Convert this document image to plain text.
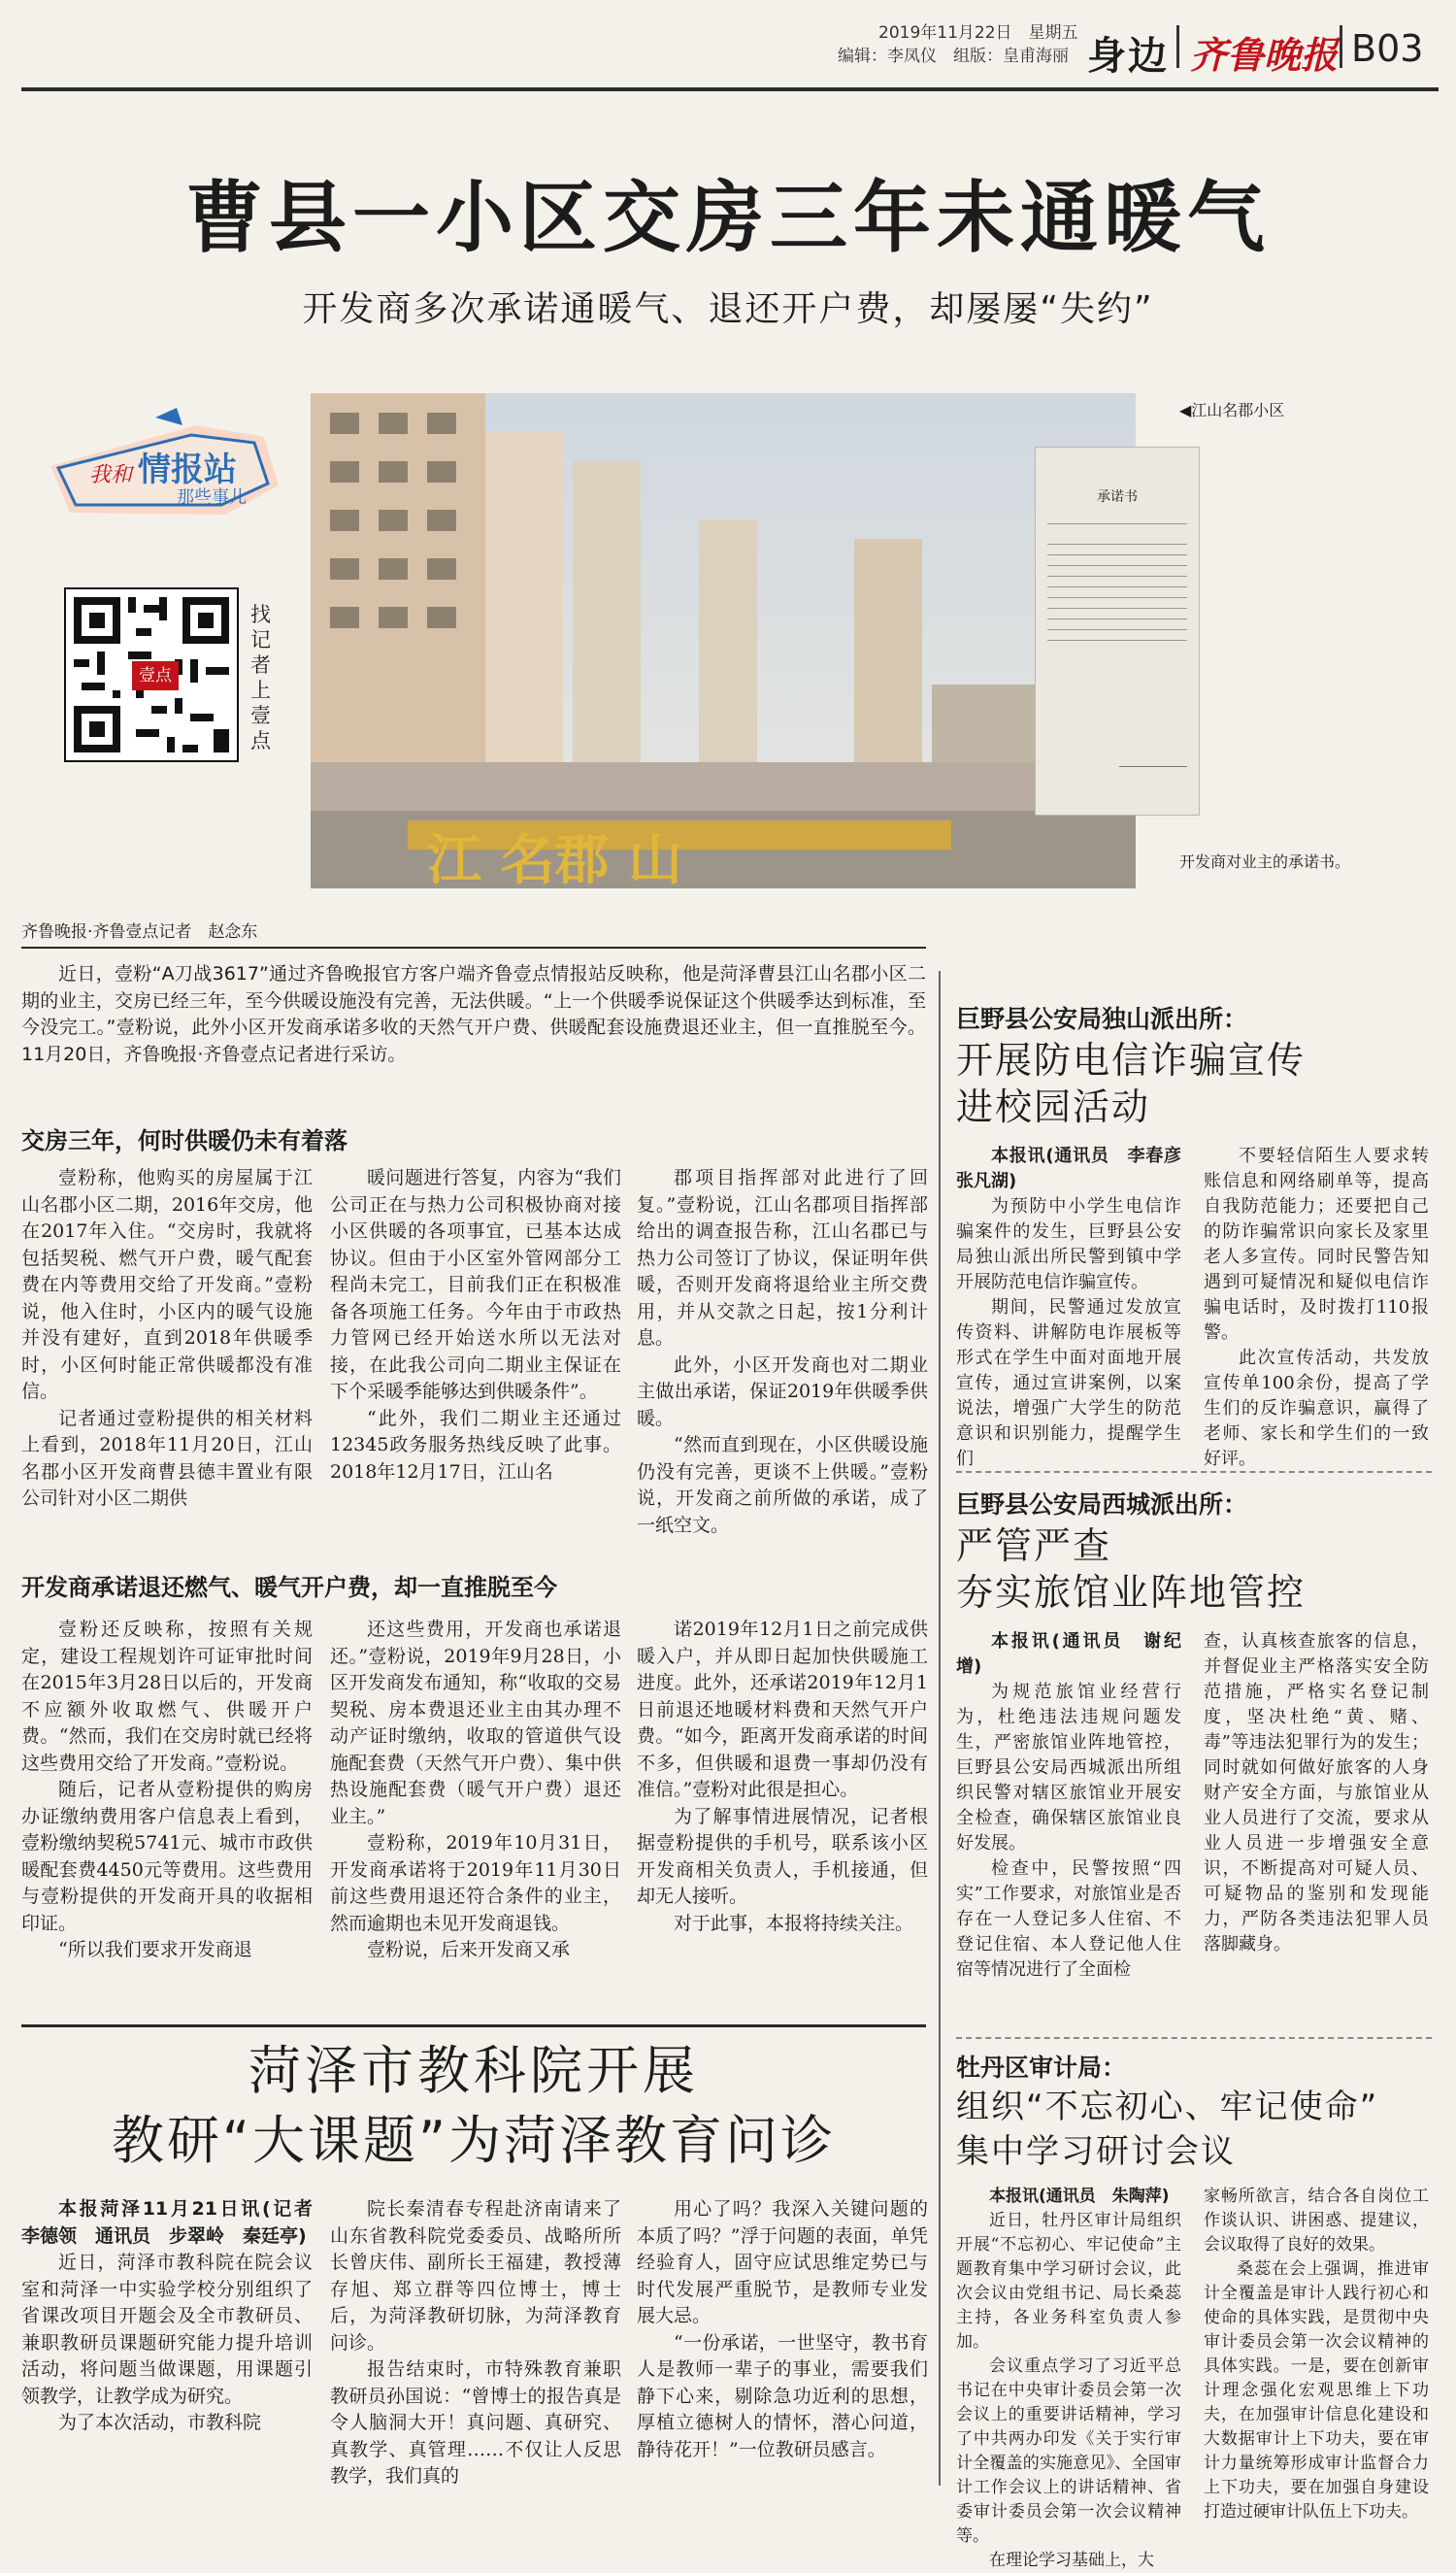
2019年11月22日　星期五
编辑：李凤仪　组版：皇甫海丽 身边 齐鲁晚报 B03
曹县一小区交房三年未通暖气
开发商多次承诺通暖气、退还开户费，却屡屡“失约”
我和 情报站
那些事儿
壹点
找记者 上壹点
江 名郡 山
承诺书
◀江山名郡小区
开发商对业主的承诺书。
齐鲁晚报·齐鲁壹点记者　赵念东
近日，壹粉“A刀战3617”通过齐鲁晚报官方客户端齐鲁壹点情报站反映称，他是菏泽曹县江山名郡小区二期的业主，交房已经三年，至今供暖设施没有完善，无法供暖。“上一个供暖季说保证这个供暖季达到标准，至今没完工。”壹粉说，此外小区开发商承诺多收的天然气开户费、供暖配套设施费退还业主，但一直推脱至今。11月20日，齐鲁晚报·齐鲁壹点记者进行采访。
交房三年，何时供暖仍未有着落
壹粉称，他购买的房屋属于江山名郡小区二期，2016年交房，他在2017年入住。“交房时，我就将包括契税、燃气开户费，暖气配套费在内等费用交给了开发商。”壹粉说，他入住时，小区内的暖气设施并没有建好，直到2018年供暖季时，小区何时能正常供暖都没有准信。
记者通过壹粉提供的相关材料上看到，2018年11月20日，江山名郡小区开发商曹县德丰置业有限公司针对小区二期供
暖问题进行答复，内容为“我们公司正在与热力公司积极协商对接小区供暖的各项事宜，已基本达成协议。但由于小区室外管网部分工程尚未完工，目前我们正在积极准备各项施工任务。今年由于市政热力管网已经开始送水所以无法对接，在此我公司向二期业主保证在下个采暖季能够达到供暖条件”。
“此外，我们二期业主还通过12345政务服务热线反映了此事。2018年12月17日，江山名
郡项目指挥部对此进行了回复。”壹粉说，江山名郡项目指挥部给出的调查报告称，江山名郡已与热力公司签订了协议，保证明年供暖，否则开发商将退给业主所交费用，并从交款之日起，按1分利计息。
此外，小区开发商也对二期业主做出承诺，保证2019年供暖季供暖。
“然而直到现在，小区供暖设施仍没有完善，更谈不上供暖。”壹粉说，开发商之前所做的承诺，成了一纸空文。
开发商承诺退还燃气、暖气开户费，却一直推脱至今
壹粉还反映称，按照有关规定，建设工程规划许可证审批时间在2015年3月28日以后的，开发商不应额外收取燃气、供暖开户费。“然而，我们在交房时就已经将这些费用交给了开发商。”壹粉说。
随后，记者从壹粉提供的购房办证缴纳费用客户信息表上看到，壹粉缴纳契税5741元、城市市政供暖配套费4450元等费用。这些费用与壹粉提供的开发商开具的收据相印证。
“所以我们要求开发商退
还这些费用，开发商也承诺退还。”壹粉说，2019年9月28日，小区开发商发布通知，称“收取的交易契税、房本费退还业主由其办理不动产证时缴纳，收取的管道供气设施配套费（天然气开户费）、集中供热设施配套费（暖气开户费）退还业主。”
壹粉称，2019年10月31日，开发商承诺将于2019年11月30日前这些费用退还符合条件的业主，然而逾期也未见开发商退钱。
壹粉说，后来开发商又承
诺2019年12月1日之前完成供暖入户，并从即日起加快供暖施工进度。此外，还承诺2019年12月1日前退还地暖材料费和天然气开户费。“如今，距离开发商承诺的时间不多，但供暖和退费一事却仍没有准信。”壹粉对此很是担心。
为了解事情进展情况，记者根据壹粉提供的手机号，联系该小区开发商相关负责人，手机接通，但却无人接听。
对于此事，本报将持续关注。
菏泽市教科院开展
教研“大课题”为菏泽教育问诊
本报菏泽11月21日讯(记者　李德领　通讯员　步翠岭　秦廷亭)
近日，菏泽市教科院在院会议室和菏泽一中实验学校分别组织了省课改项目开题会及全市教研员、兼职教研员课题研究能力提升培训活动，将问题当做课题，用课题引领教学，让教学成为研究。
为了本次活动，市教科院
院长秦清春专程赴济南请来了山东省教科院党委委员、战略所所长曾庆伟、副所长王福建，教授薄存旭、郑立群等四位博士，博士后，为菏泽教研切脉，为菏泽教育问诊。
报告结束时，市特殊教育兼职教研员孙国说：“曾博士的报告真是令人脑洞大开！真问题、真研究、真教学、真管理……不仅让人反思教学，我们真的
用心了吗？我深入关键问题的本质了吗？”浮于问题的表面，单凭经验育人，固守应试思维定势已与时代发展严重脱节，是教师专业发展大忌。
“一份承诺，一世坚守，教书育人是教师一辈子的事业，需要我们静下心来，剔除急功近利的思想，厚植立德树人的情怀，潜心问道，静待花开！”一位教研员感言。
巨野县公安局独山派出所：
开展防电信诈骗宣传
进校园活动
本报讯(通讯员　李春彦　张凡湖)
为预防中小学生电信诈骗案件的发生，巨野县公安局独山派出所民警到镇中学开展防范电信诈骗宣传。
期间，民警通过发放宣传资料、讲解防电诈展板等形式在学生中面对面地开展宣传，通过宣讲案例，以案说法，增强广大学生的防范意识和识别能力，提醒学生们
不要轻信陌生人要求转账信息和网络刷单等，提高自我防范能力；还要把自己的防诈骗常识向家长及家里老人多宣传。同时民警告知遇到可疑情况和疑似电信诈骗电话时，及时拨打110报警。
此次宣传活动，共发放宣传单100余份，提高了学生们的反诈骗意识，赢得了老师、家长和学生们的一致好评。
巨野县公安局西城派出所：
严管严查
夯实旅馆业阵地管控
本报讯(通讯员　谢纪增)
为规范旅馆业经营行为，杜绝违法违规问题发生，严密旅馆业阵地管控，巨野县公安局西城派出所组织民警对辖区旅馆业开展安全检查，确保辖区旅馆业良好发展。
检查中，民警按照“四实”工作要求，对旅馆业是否存在一人登记多人住宿、不登记住宿、本人登记他人住宿等情况进行了全面检
查，认真核查旅客的信息，并督促业主严格落实安全防范措施，严格实名登记制度，坚决杜绝“黄、赌、毒”等违法犯罪行为的发生；同时就如何做好旅客的人身财产安全方面，与旅馆业从业人员进行了交流，要求从业人员进一步增强安全意识，不断提高对可疑人员、可疑物品的鉴别和发现能力，严防各类违法犯罪人员落脚藏身。
牡丹区审计局：
组织“不忘初心、牢记使命”
集中学习研讨会议
本报讯(通讯员　朱陶萍)
近日，牡丹区审计局组织开展“不忘初心、牢记使命”主题教育集中学习研讨会议，此次会议由党组书记、局长桑蕊主持，各业务科室负责人参加。
会议重点学习了习近平总书记在中央审计委员会第一次会议上的重要讲话精神，学习了中共两办印发《关于实行审计全覆盖的实施意见》、全国审计工作会议上的讲话精神、省委审计委员会第一次会议精神等。
在理论学习基础上，大
家畅所欲言，结合各自岗位工作谈认识、讲困惑、提建议，会议取得了良好的效果。
桑蕊在会上强调，推进审计全覆盖是审计人践行初心和使命的具体实践，是贯彻中央审计委员会第一次会议精神的具体实践。一是，要在创新审计理念强化宏观思维上下功夫，在加强审计信息化建设和大数据审计上下功夫，要在审计力量统筹形成审计监督合力上下功夫，要在加强自身建设打造过硬审计队伍上下功夫。
